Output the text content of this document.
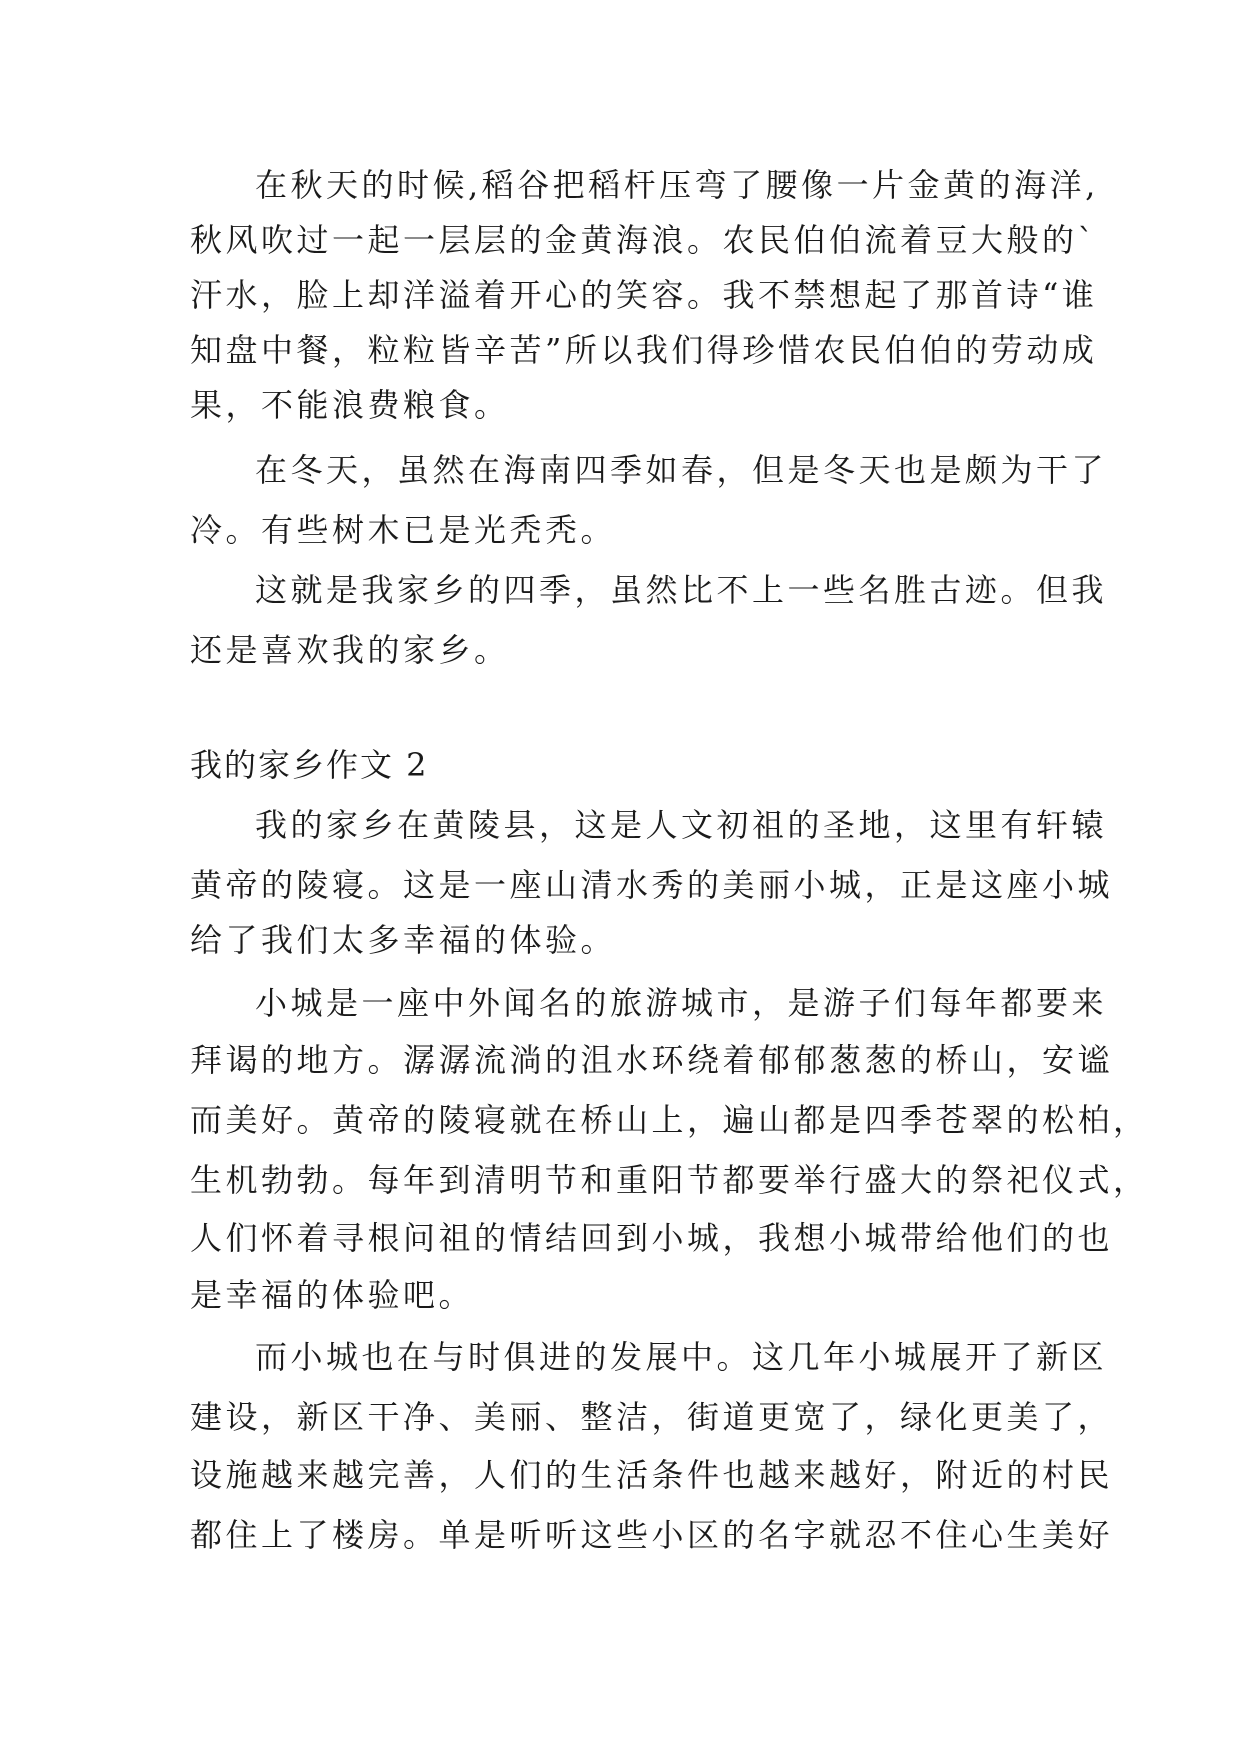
在秋天的时候,稻谷把稻杆压弯了腰像一片金黄的海洋,
秋风吹过一起一层层的金黄海浪。农民伯伯流着豆大般的`
汗水，脸上却洋溢着开心的笑容。我不禁想起了那首诗“谁
知盘中餐，粒粒皆辛苦”所以我们得珍惜农民伯伯的劳动成
果，不能浪费粮食。
在冬天，虽然在海南四季如春，但是冬天也是颇为干了
冷。有些树木已是光秃秃。
这就是我家乡的四季，虽然比不上一些名胜古迹。但我
还是喜欢我的家乡。
我的家乡作文 2
我的家乡在黄陵县，这是人文初祖的圣地，这里有轩辕
黄帝的陵寝。这是一座山清水秀的美丽小城，正是这座小城
给了我们太多幸福的体验。
小城是一座中外闻名的旅游城市，是游子们每年都要来
拜谒的地方。潺潺流淌的沮水环绕着郁郁葱葱的桥山，安谧
而美好。黄帝的陵寝就在桥山上，遍山都是四季苍翠的松柏，
生机勃勃。每年到清明节和重阳节都要举行盛大的祭祀仪式，
人们怀着寻根问祖的情结回到小城，我想小城带给他们的也
是幸福的体验吧。
而小城也在与时俱进的发展中。这几年小城展开了新区
建设，新区干净、美丽、整洁，街道更宽了，绿化更美了，
设施越来越完善，人们的生活条件也越来越好，附近的村民
都住上了楼房。单是听听这些小区的名字就忍不住心生美好
